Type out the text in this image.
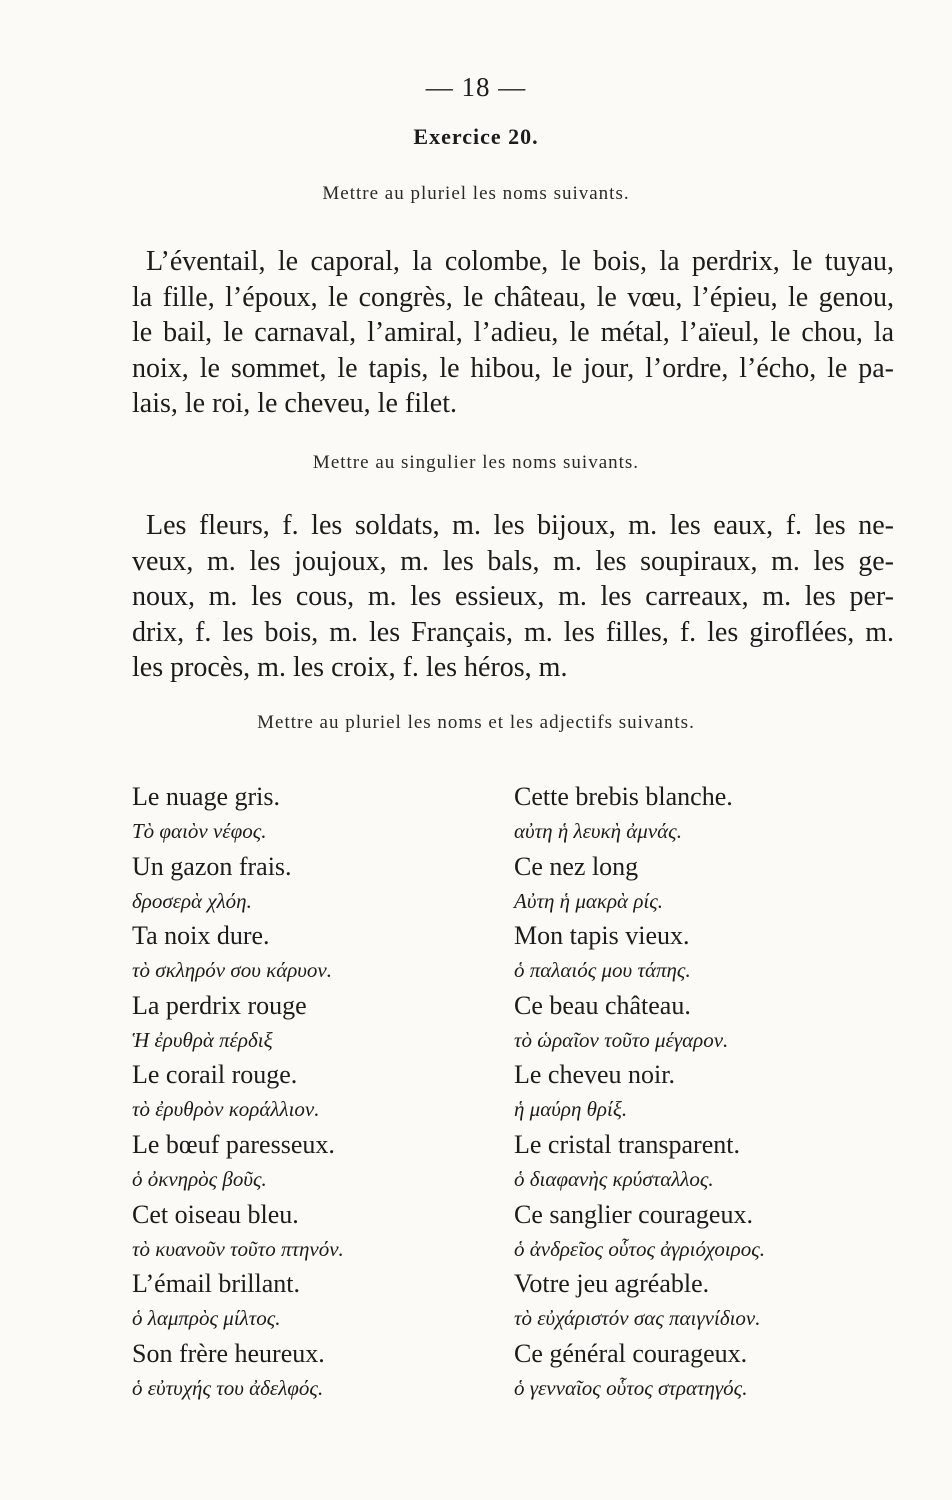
— 18 —
Exercice 20.
Mettre au pluriel les noms suivants.
L’éventail, le caporal, la colombe, le bois, la perdrix, le tuyau,
la fille, l’époux, le congrès, le château, le vœu, l’épieu, le genou,
le bail, le carnaval, l’amiral, l’adieu, le métal, l’aïeul, le chou, la
noix, le sommet, le tapis, le hibou, le jour, l’ordre, l’écho, le pa-
lais, le roi, le cheveu, le filet.
Mettre au singulier les noms suivants.
Les fleurs, f. les soldats, m. les bijoux, m. les eaux, f. les ne-
veux, m. les joujoux, m. les bals, m. les soupiraux, m. les ge-
noux, m. les cous, m. les essieux, m. les carreaux, m. les per-
drix, f. les bois, m. les Français, m. les filles, f. les giroflées, m.
les procès, m. les croix, f. les héros, m.
Mettre au pluriel les noms et les adjectifs suivants.
Le nuage gris.
Τὸ φαιὸν νέφος.
Un gazon frais.
δροσερὰ χλόη.
Ta noix dure.
τὸ σκληρόν σου κάρυον.
La perdrix rouge
Ἡ ἐρυθρὰ πέρδιξ
Le corail rouge.
τὸ ἐρυθρὸν κοράλλιον.
Le bœuf paresseux.
ὁ ὀκνηρὸς βοῦς.
Cet oiseau bleu.
τὸ κυανοῦν τοῦτο πτηνόν.
L’émail brillant.
ὁ λαμπρὸς μίλτος.
Son frère heureux.
ὁ εὐτυχής του ἀδελφός.
Cette brebis blanche.
αὐτη ἡ λευκὴ ἀμνάς.
Ce nez long
Αὐτη ἡ μακρὰ ρίς.
Mon tapis vieux.
ὁ παλαιός μου τάπης.
Ce beau château.
τὸ ὡραῖον τοῦτο μέγαρον.
Le cheveu noir.
ἡ μαύρη θρίξ.
Le cristal transparent.
ὁ διαφανὴς κρύσταλλος.
Ce sanglier courageux.
ὁ ἀνδρεῖος οὗτος ἀγριόχοιρος.
Votre jeu agréable.
τὸ εὐχάριστόν σας παιγνίδιον.
Ce général courageux.
ὁ γενναῖος οὗτος στρατηγός.
